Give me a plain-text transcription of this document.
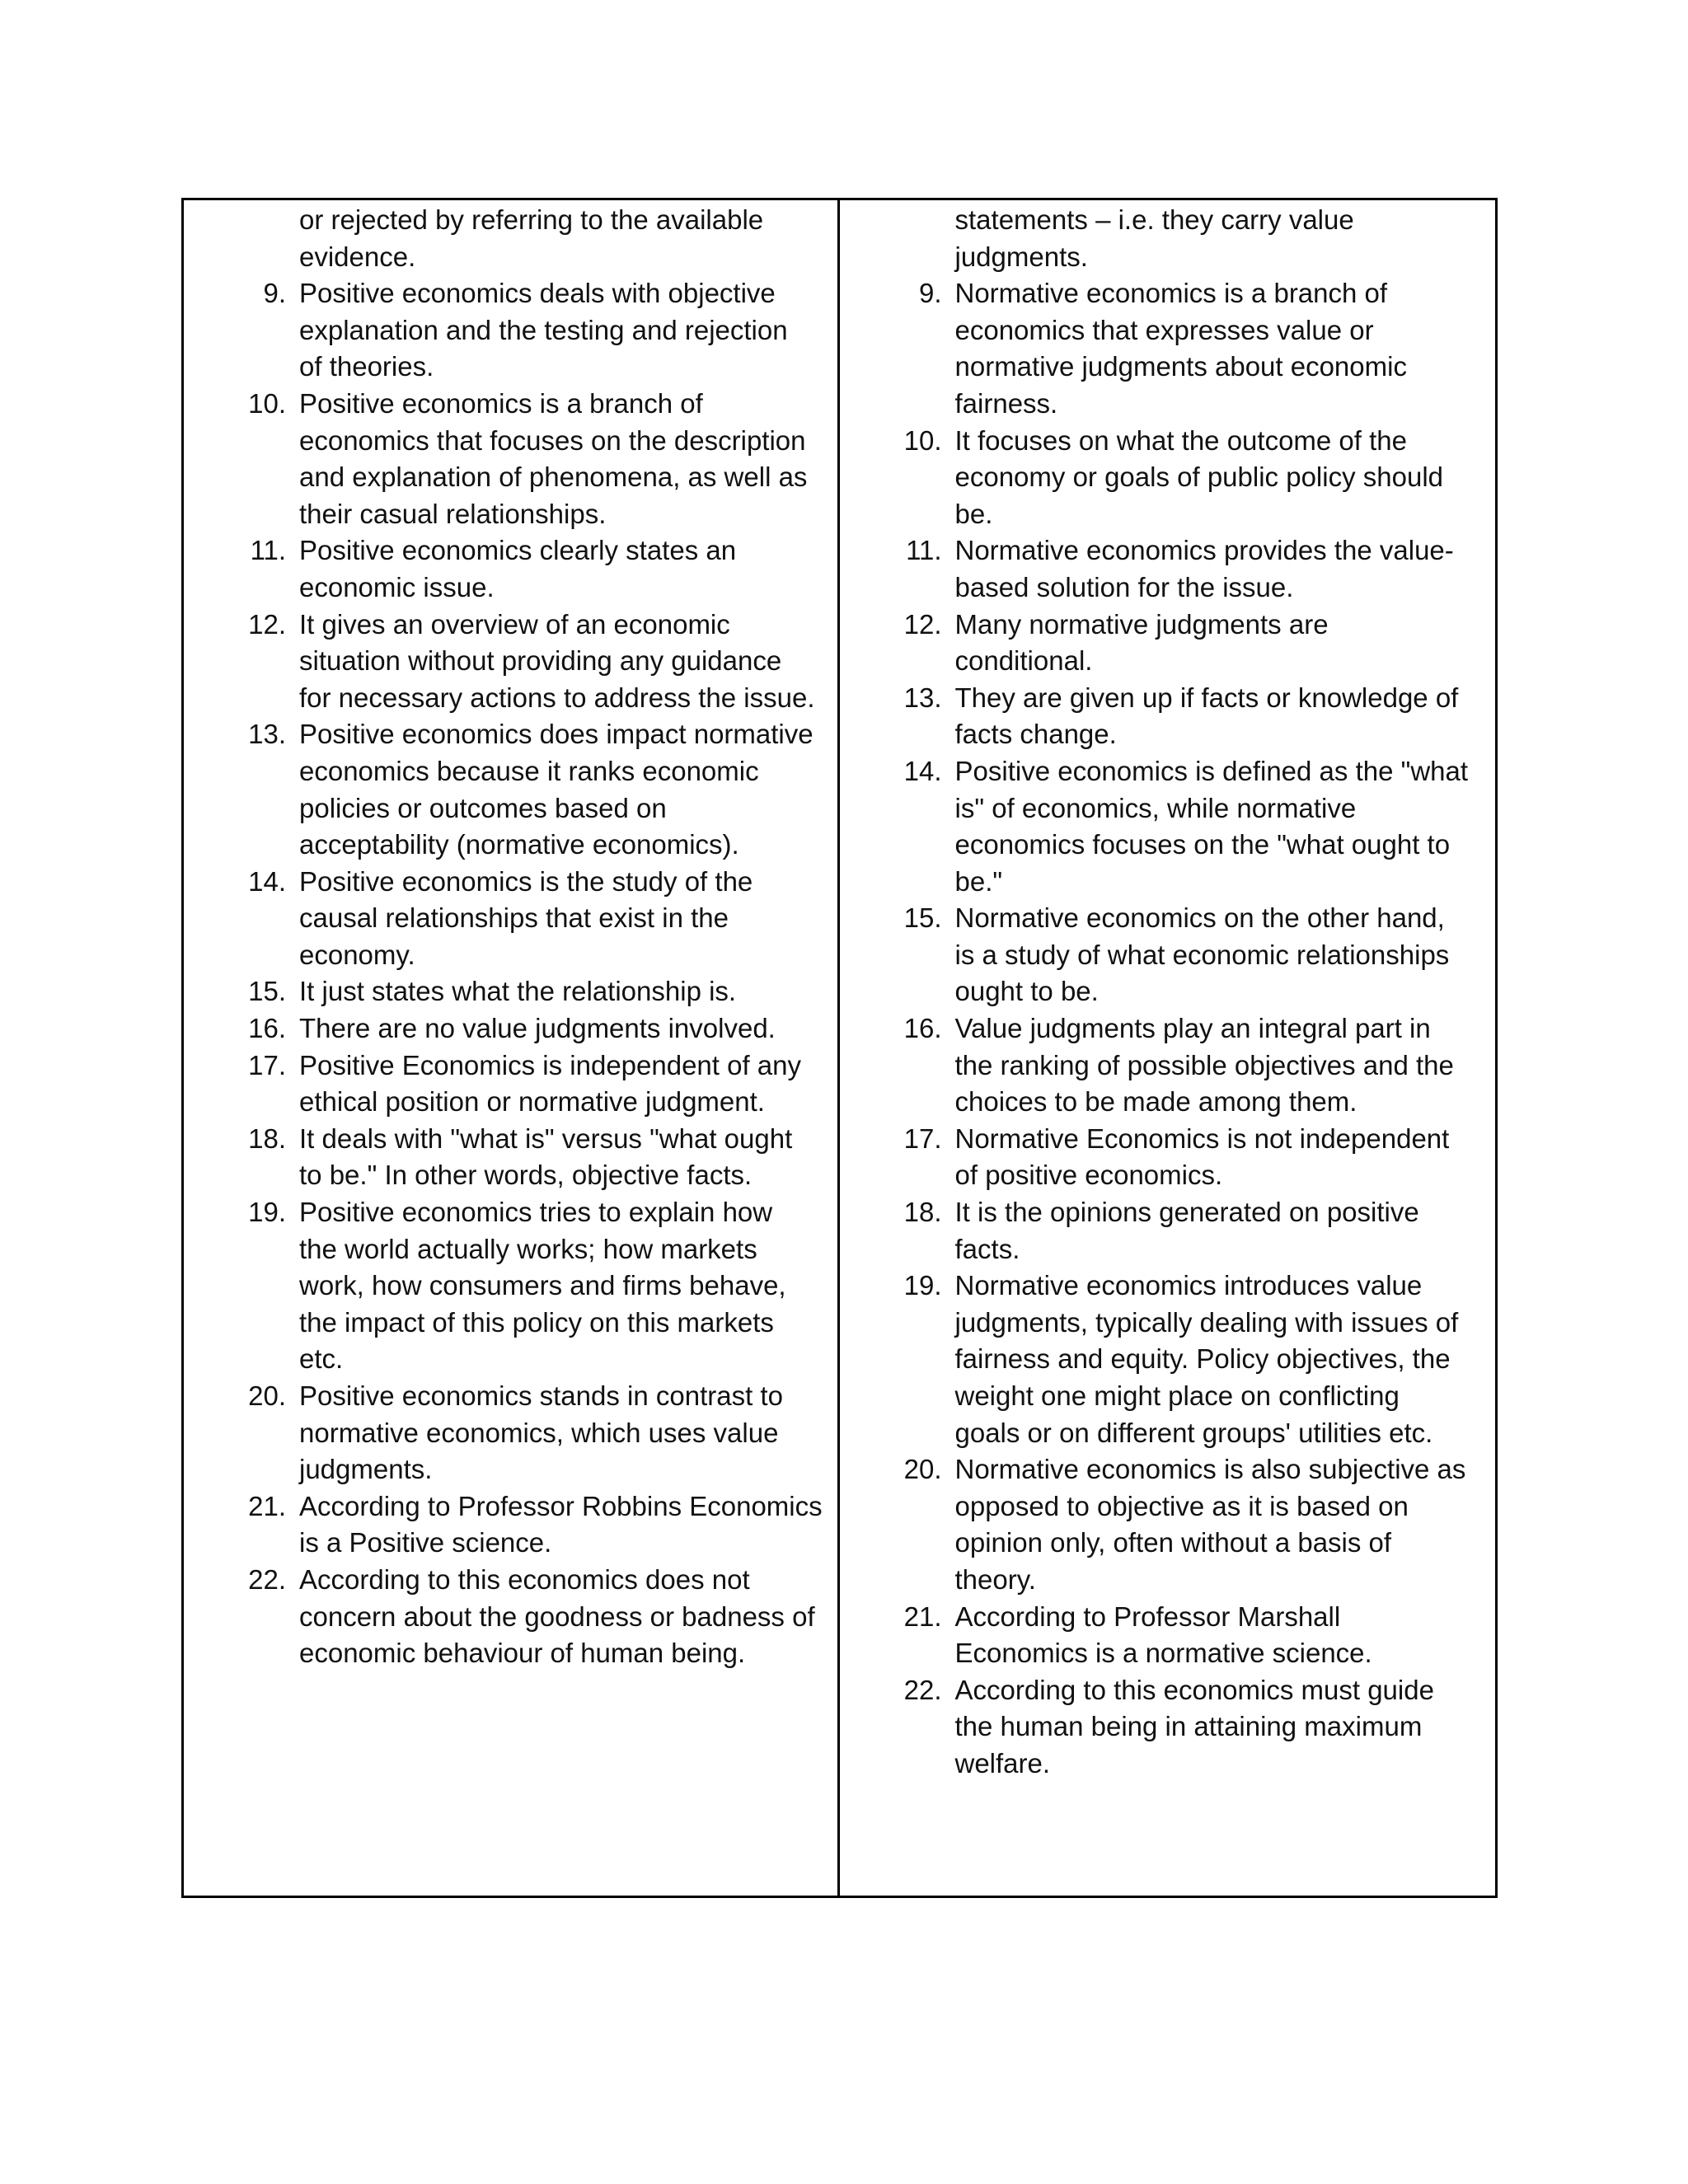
or rejected by referring to the available
evidence.
9. Positive economics deals with objective
explanation and the testing and rejection
of theories.
10. Positive economics is a branch of
economics that focuses on the description
and explanation of phenomena, as well as
their casual relationships.
11. Positive economics clearly states an
economic issue.
12. It gives an overview of an economic
situation without providing any guidance
for necessary actions to address the issue.
13. Positive economics does impact normative
economics because it ranks economic
policies or outcomes based on
acceptability (normative economics).
14. Positive economics is the study of the
causal relationships that exist in the
economy.
15. It just states what the relationship is.
16. There are no value judgments involved.
17. Positive Economics is independent of any
ethical position or normative judgment.
18. It deals with "what is" versus "what ought
to be." In other words, objective facts.
19. Positive economics tries to explain how
the world actually works; how markets
work, how consumers and firms behave,
the impact of this policy on this markets
etc.
20. Positive economics stands in contrast to
normative economics, which uses value
judgments.
21. According to Professor Robbins Economics
is a Positive science.
22. According to this economics does not
concern about the goodness or badness of
economic behaviour of human being.
statements – i.e. they carry value
judgments.
9. Normative economics is a branch of
economics that expresses value or
normative judgments about economic
fairness.
10. It focuses on what the outcome of the
economy or goals of public policy should
be.
11. Normative economics provides the value-
based solution for the issue.
12. Many normative judgments are
conditional.
13. They are given up if facts or knowledge of
facts change.
14. Positive economics is defined as the "what
is" of economics, while normative
economics focuses on the "what ought to
be."
15. Normative economics on the other hand,
is a study of what economic relationships
ought to be.
16. Value judgments play an integral part in
the ranking of possible objectives and the
choices to be made among them.
17. Normative Economics is not independent
of positive economics.
18. It is the opinions generated on positive
facts.
19. Normative economics introduces value
judgments, typically dealing with issues of
fairness and equity. Policy objectives, the
weight one might place on conflicting
goals or on different groups' utilities etc.
20. Normative economics is also subjective as
opposed to objective as it is based on
opinion only, often without a basis of
theory.
21. According to Professor Marshall
Economics is a normative science.
22. According to this economics must guide
the human being in attaining maximum
welfare.
